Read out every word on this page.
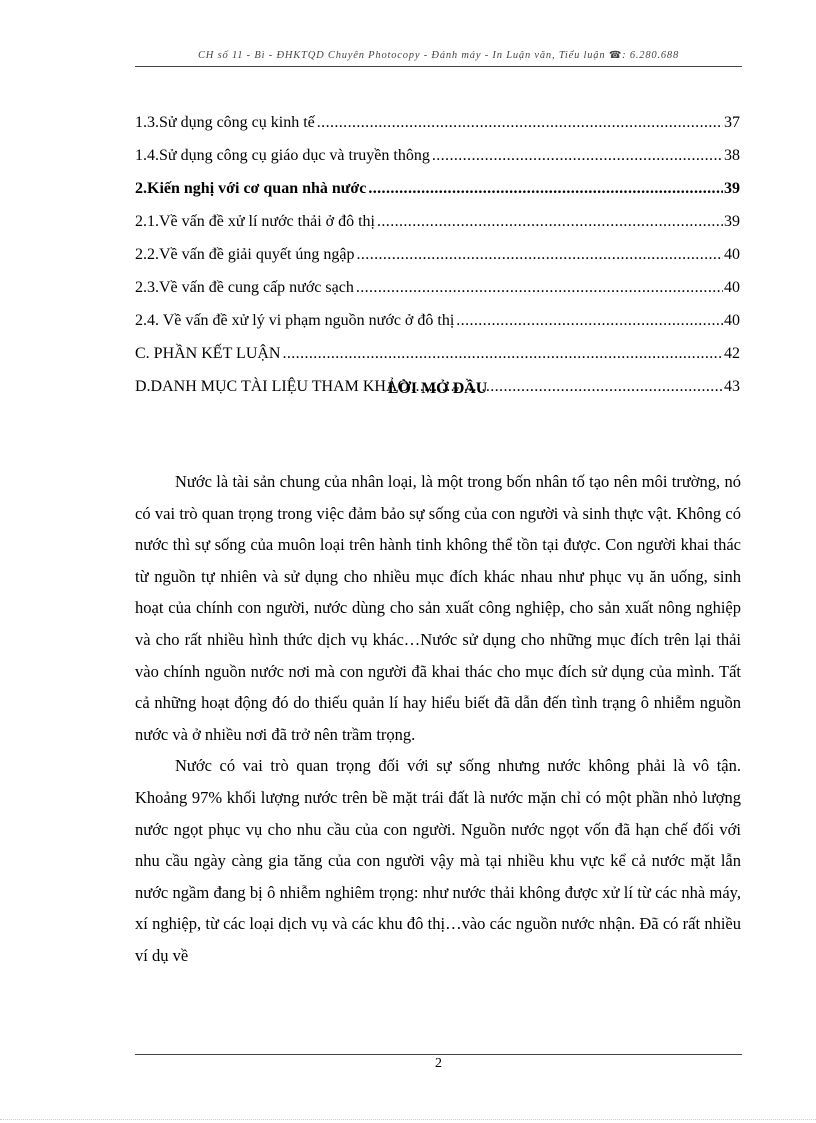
CH số 11 - Bì - ĐHKTQD Chuyên Photocopy - Đánh máy - In Luận văn, Tiểu luận ☎: 6.280.688
1.3.Sử dụng công cụ kinh tế .....	37
1.4.Sử dụng công cụ giáo dục và truyền thông .....	38
2.Kiến nghị với cơ quan nhà nước .....	39
2.1.Về vấn đề xử lí nước thải ở đô thị .....	39
2.2.Về vấn đề giải quyết úng ngập .....	40
2.3.Về vấn đề cung cấp nước sạch .....	40
2.4. Về vấn đề xử lý vi phạm nguồn nước ở đô thị .....	40
C. PHẦN KẾT LUẬN .....	42
D.DANH MỤC TÀI LIỆU THAM KHẢO .....	43
LỜI MỞ ĐẦU

Nước là tài sản chung của nhân loại, là một trong bốn nhân tố tạo nên môi trường, nó có vai trò quan trọng trong việc đảm bảo sự sống của con người và sinh thực vật. Không có nước thì sự sống của muôn loại trên hành tinh không thể tồn tại được. Con người khai thác từ nguồn tự nhiên và sử dụng cho nhiều mục đích khác nhau như phục vụ ăn uống, sinh hoạt của chính con người, nước dùng cho sản xuất công nghiệp, cho sản xuất nông nghiệp và cho rất nhiều hình thức dịch vụ khác…Nước sử dụng cho những mục đích trên lại thải vào chính nguồn nước nơi mà con người đã khai thác cho mục đích sử dụng của mình. Tất cả những hoạt động đó do thiếu quản lí hay hiểu biết đã dẫn đến tình trạng ô nhiễm nguồn nước và ở nhiều nơi đã trở nên trầm trọng.

Nước có vai trò quan trọng đối với sự sống nhưng nước không phải là vô tận. Khoảng 97% khối lượng nước trên bề mặt trái đất là nước mặn chỉ có một phần nhỏ lượng nước ngọt phục vụ cho nhu cầu của con người. Nguồn nước ngọt vốn đã hạn chế đối với nhu cầu ngày càng gia tăng của con người vậy mà tại nhiều khu vực kể cả nước mặt lẫn nước ngầm đang bị ô nhiễm nghiêm trọng: như nước thải không được xử lí từ các nhà máy, xí nghiệp, từ các loại dịch vụ và các khu đô thị…vào các nguồn nước nhận. Đã có rất nhiều ví dụ về

2
